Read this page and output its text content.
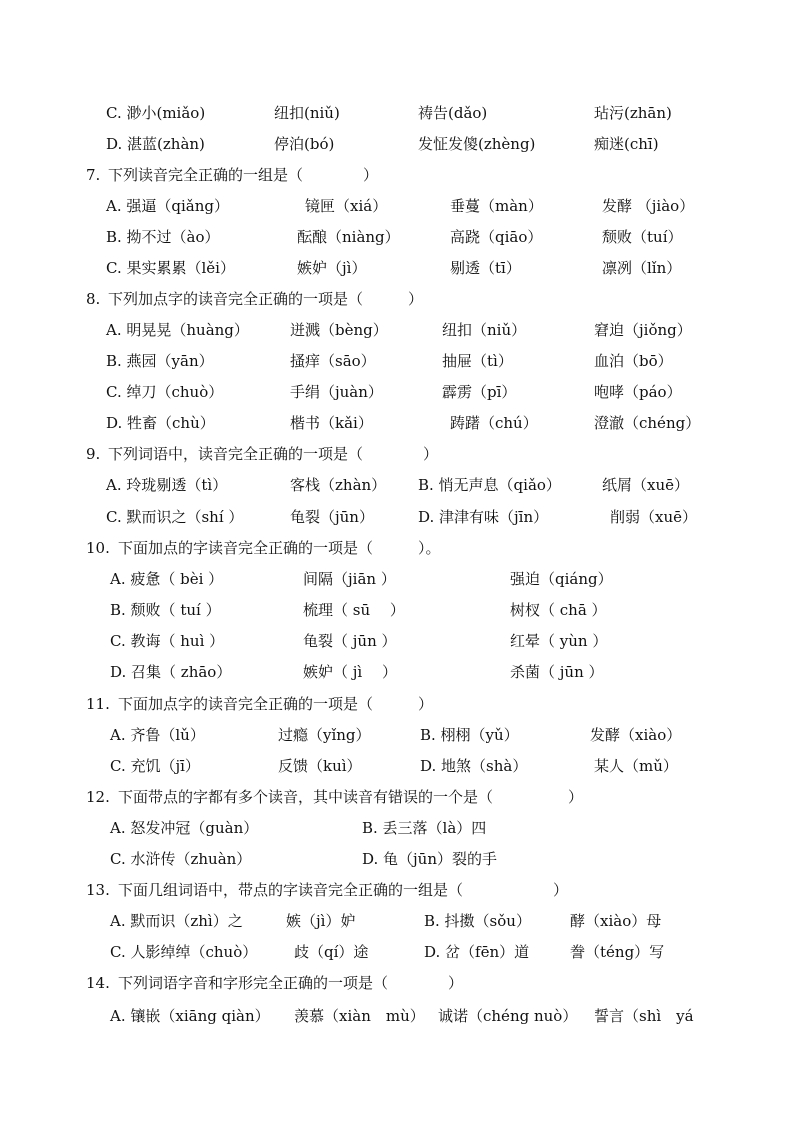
C. 渺小(miǎo)	纽扣(niǔ)	祷告(dǎo)	玷污(zhān)
D. 湛蓝(zhàn)	停泊(bó)	发怔发傻(zhèng)	痴迷(chī)
7. 下列读音完全正确的一组是（　　　　）
A. 强逼（qiǎng）	镜匣（xiá）	垂蔓（màn）	发酵 （jiào）
B. 拗不过（ào）	酝酿（niàng）	高跷（qiāo）	颓败（tuí）
C. 果实累累（lěi）	嫉妒（jì）	剔透（tī）	凛冽（lǐn）
8. 下列加点字的读音完全正确的一项是（　　　）
A. 明晃晃（huàng）	迸溅（bèng）	纽扣（niǔ）	窘迫（jiǒng）
B. 燕园（yān）	搔痒（sāo）	抽屉（tì）	血泊（bō）
C. 绰刀（chuò）	手绢（juàn）	霹雳（pī）	咆哮（páo）
D. 牲畜（chù）	楷书（kǎi）	踌躇（chú）	澄澈（chéng）
9. 下列词语中，读音完全正确的一项是（　　　　）
A. 玲珑剔透（tì）	客栈（zhàn） B. 悄无声息（qiǎo）	纸屑（xuē）
C. 默而识之（shí ）	龟裂（jūn）	D. 津津有味（jīn）	削弱（xuē）
10. 下面加点的字读音完全正确的一项是（　　　）。
A. 疲惫（ bèi ）	间隔（jiān ）	强迫（qiáng）
B. 颓败（ tuí ）	梳理（ sū　 ）	树杈（ chā ）
C. 教诲（ huì ）	龟裂（ jūn ）	红晕（ yùn ）
D. 召集（ zhāo）	嫉妒（ jì　 ）	杀菌（ jūn ）
11. 下面加点字的读音完全正确的一项是（　　　）
A. 齐鲁（lǔ）	过瘾（yǐng）	B. 栩栩（yǔ）	发酵（xiào）
C. 充饥（jī）	反馈（kuì）	D. 地煞（shà）	某人（mǔ）
12. 下面带点的字都有多个读音，其中读音有错误的一个是（　　　　　）
A. 怒发冲冠（guàn）	B. 丢三落（là）四
C. 水浒传（zhuàn）	D. 龟（jūn）裂的手
13. 下面几组词语中，带点的字读音完全正确的一组是（　　　　　　）
A. 默而识（zhì）之	嫉（jì）妒	B. 抖擞（sǒu）	酵（xiào）母
C. 人影绰绰（chuò） 歧（qí）途	D. 岔（fēn）道	誊（téng）写
14. 下列词语字音和字形完全正确的一项是（　　　　）
A. 镶嵌（xiāng qiàn） 羡慕（xiàn　mù） 诚诺（chéng nuò） 誓言（shì　yá
